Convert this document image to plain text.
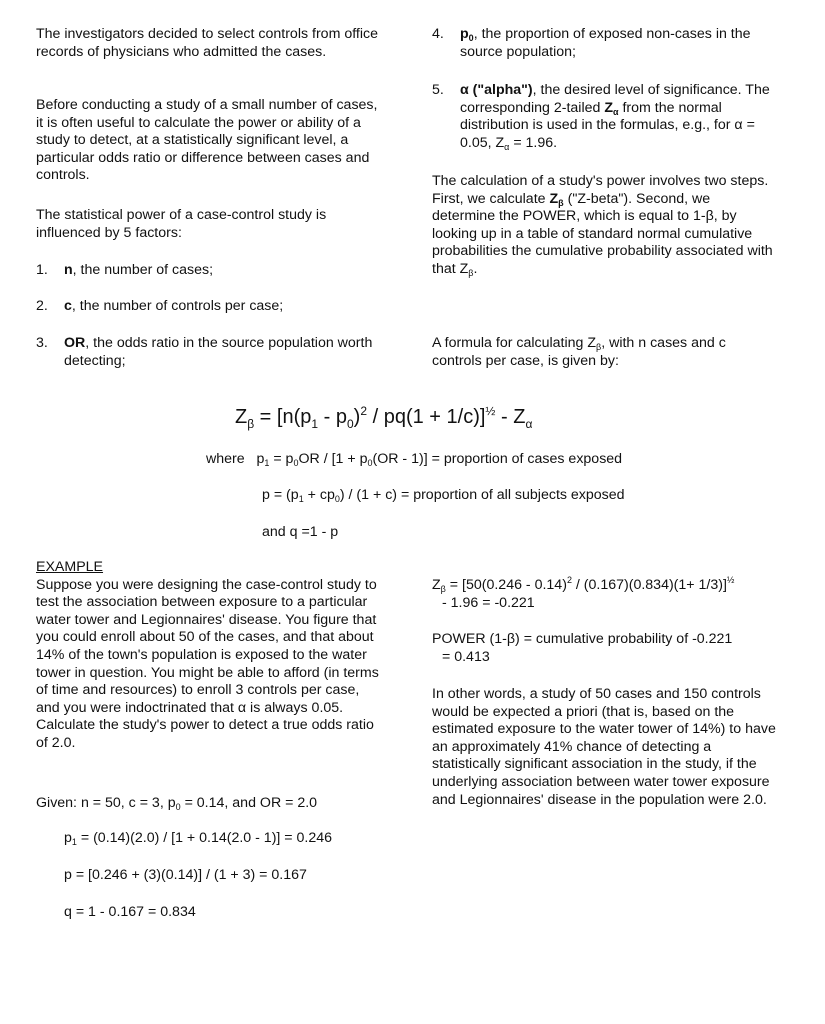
The investigators decided to select controls from office records of physicians who admitted the cases.

Before conducting a study of a small number of cases, it is often useful to calculate the power or ability of a study to detect, at a statistically significant level, a particular odds ratio or difference between cases and controls.

The statistical power of a case-control study is influenced by 5 factors:

1. n, the number of cases;
2. c, the number of controls per case;
3. OR, the odds ratio in the source population worth detecting;
4. $p_0$, the proportion of exposed non-cases in the source population;
5. α ("alpha"), the desired level of significance. The corresponding 2-tailed $Z_\alpha$ from the normal distribution is used in the formulas, e.g., for α = 0.05, $Z_\alpha = 1.96$.

The calculation of a study's power involves two steps. First, we calculate $Z_\beta$ ("Z-beta"). Second, we determine the POWER, which is equal to 1-β, by looking up in a table of standard normal cumulative probabilities the cumulative probability associated with that $Z_\beta$.

A formula for calculating $Z_\beta$, with n cases and c controls per case, is given by:

$Z_\beta = [n(p_1 - p_0)^2 / pq(1 + 1/c)]^{\frac{1}{2}} - Z_\alpha$
where $p_1 = p_0OR / [1 + p_0(OR - 1)]$ = proportion of cases exposed
$p = (p_1 + cp_0) / (1 + c)$ = proportion of all subjects exposed
and q =1 - p

EXAMPLE

Suppose you were designing the case-control study to test the association between exposure to a particular water tower and Legionnaires' disease. You figure that you could enroll about 50 of the cases, and that about 14% of the town's population is exposed to the water tower in question. You might be able to afford (in terms of time and resources) to enroll 3 controls per case, and you were indoctrinated that α is always 0.05. Calculate the study's power to detect a true odds ratio of 2.0.

Given: n = 50, c = 3, $p_0 = 0.14$, and OR = 2.0
$p_1 = (0.14)(2.0) / [1 + 0.14(2.0 - 1)] = 0.246$
p = [0.246 + (3)(0.14)] / (1 + 3) = 0.167
q = 1 - 0.167 = 0.834

$Z_\beta = [50(0.246 - 0.14)^2 / (0.167)(0.834)(1+ 1/3)]^{\frac{1}{2}}$

- 1.96 = -0.221

POWER (1-β) = cumulative probability of -0.221

= 0.413

In other words, a study of 50 cases and 150 controls would be expected a priori (that is, based on the estimated exposure to the water tower of 14%) to have an approximately 41% chance of detecting a statistically significant association in the study, if the underlying association between water tower exposure and Legionnaires' disease in the population were 2.0.
